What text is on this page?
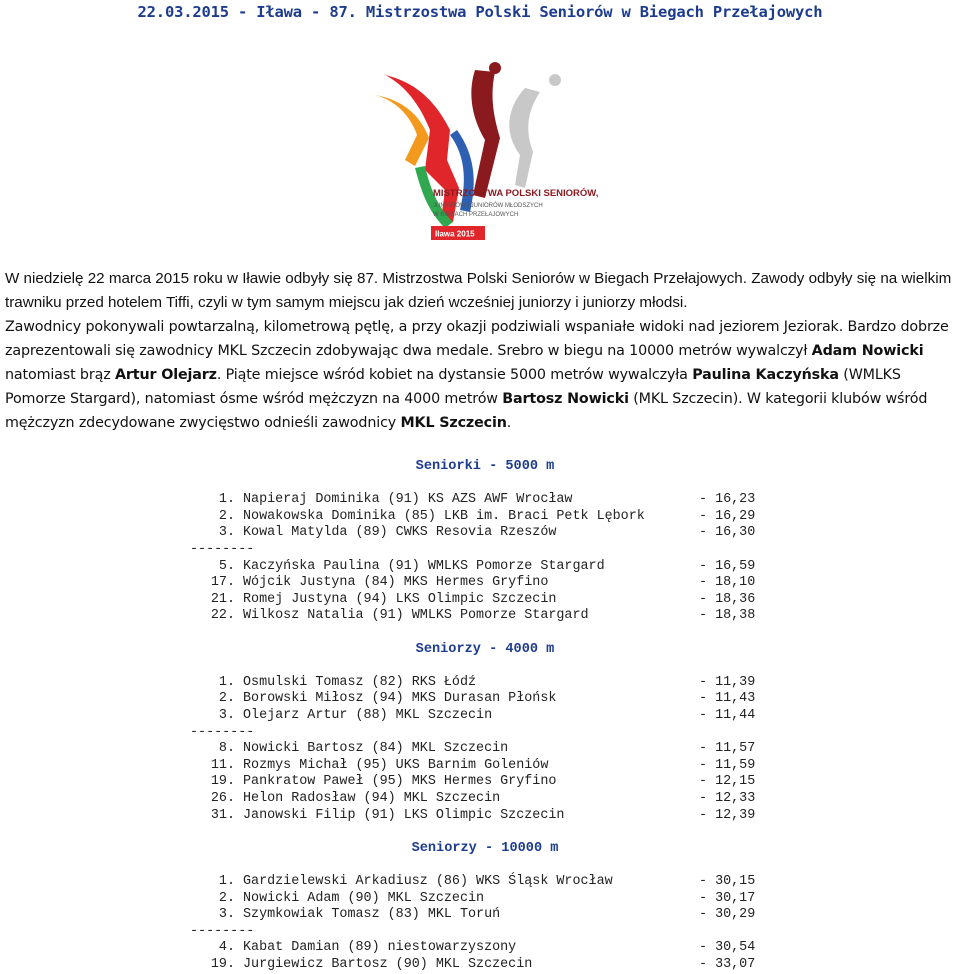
22.03.2015 - Iława - 87. Mistrzostwa Polski Seniorów w Biegach Przełajowych
MISTRZOSTWA POLSKI SENIORÓW,
JUNIORÓW I JUNIORÓW MŁODSZYCH
W BIEGACH PRZEŁAJOWYCH
Iława 2015

W niedzielę 22 marca 2015 roku w Iławie odbyły się 87. Mistrzostwa Polski Seniorów w Biegach Przełajowych. Zawody odbyły się na wielkim trawniku przed hotelem Tiffi, czyli w tym samym miejscu jak dzień wcześniej juniorzy i juniorzy młodsi.

Zawodnicy pokonywali powtarzalną, kilometrową pętlę, a przy okazji podziwiali wspaniałe widoki nad jeziorem Jeziorak. Bardzo dobrze zaprezentowali się zawodnicy MKL Szczecin zdobywając dwa medale. Srebro w biegu na 10000 metrów wywalczył Adam Nowicki natomiast brąz Artur Olejarz. Piąte miejsce wśród kobiet na dystansie 5000 metrów wywalczyła Paulina Kaczyńska (WMLKS Pomorze Stargard), natomiast ósme wśród mężczyzn na 4000 metrów Bartosz Nowicki (MKL Szczecin). W kategorii klubów wśród mężczyzn zdecydowane zwycięstwo odnieśli zawodnicy MKL Szczecin.

Seniorki - 5000 m
1. Napieraj Dominika (91) KS AZS AWF Wrocław	- 16,23
2. Nowakowska Dominika (85) LKB im. Braci Petk Lębork	- 16,29
3. Kowal Matylda (89) CWKS Resovia Rzeszów	- 16,30
--------
5. Kaczyńska Paulina (91) WMLKS Pomorze Stargard	- 16,59
17. Wójcik Justyna (84) MKS Hermes Gryfino	- 18,10
21. Romej Justyna (94) LKS Olimpic Szczecin	- 18,36
22. Wilkosz Natalia (91) WMLKS Pomorze Stargard	- 18,38
Seniorzy - 4000 m
1. Osmulski Tomasz (82) RKS Łódź	- 11,39
2. Borowski Miłosz (94) MKS Durasan Płońsk	- 11,43
3. Olejarz Artur (88) MKL Szczecin	- 11,44
--------
8. Nowicki Bartosz (84) MKL Szczecin	- 11,57
11. Rozmys Michał (95) UKS Barnim Goleniów	- 11,59
19. Pankratow Paweł (95) MKS Hermes Gryfino	- 12,15
26. Helon Radosław (94) MKL Szczecin	- 12,33
31. Janowski Filip (91) LKS Olimpic Szczecin	- 12,39
Seniorzy - 10000 m
1. Gardzielewski Arkadiusz (86) WKS Śląsk Wrocław	- 30,15
2. Nowicki Adam (90) MKL Szczecin	- 30,17
3. Szymkowiak Tomasz (83) MKL Toruń	- 30,29
--------
4. Kabat Damian (89) niestowarzyszony	- 30,54
19. Jurgiewicz Bartosz (90) MKL Szczecin	- 33,07
